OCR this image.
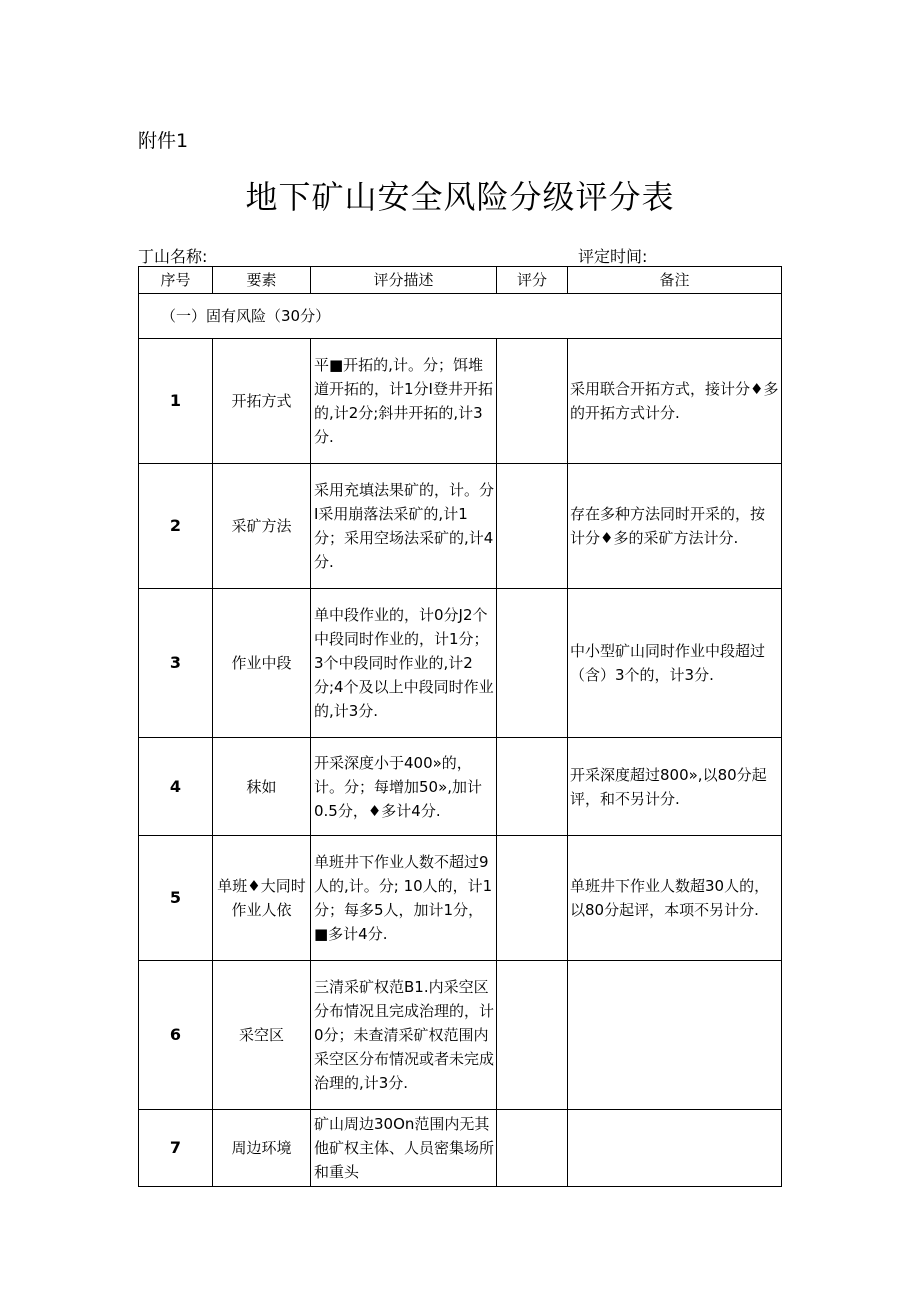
附件1
地下矿山安全风险分级评分表
丁山名称:	评定时间:
序号	要素	评分描述	评分	备注
（一）固有风险（30分）				
1	开拓方式	平■开拓的,计。分；饵堆道开拓的，计1分I登井开拓的,计2分;斜井开拓的,计3分.		采用联合开拓方式，接计分♦多的开拓方式计分.
2	采矿方法	采用充填法果矿的，计。分I采用崩落法采矿的,计1分；采用空场法采矿的,计4分.		存在多种方法同时开采的，按计分♦多的采矿方法计分.
3	作业中段	单中段作业的，计0分J2个中段同时作业的，计1分；3个中段同时作业的,计2分;4个及以上中段同时作业的,计3分.		中小型矿山同时作业中段超过（含）3个的，计3分.
4	秣如	开采深度小于400»的，计。分；每增加50»,加计0.5分，♦多计4分.		开采深度超过800»,以80分起评，和不另计分.
5	单班♦大同时作业人依	单班井下作业人数不超过9人的,计。分; 10人的，计1分；每多5人，加计1分，■多计4分.		单班井下作业人数超30人的，以80分起评，本项不另计分.
6	采空区	三清采矿权范B1.内采空区分布情况且完成治理的，计0分；未查清采矿权范围内采空区分布情况或者未完成治理的,计3分.		
7	周边环境	矿山周边30On范围内无其他矿权主体、人员密集场所和重头		
